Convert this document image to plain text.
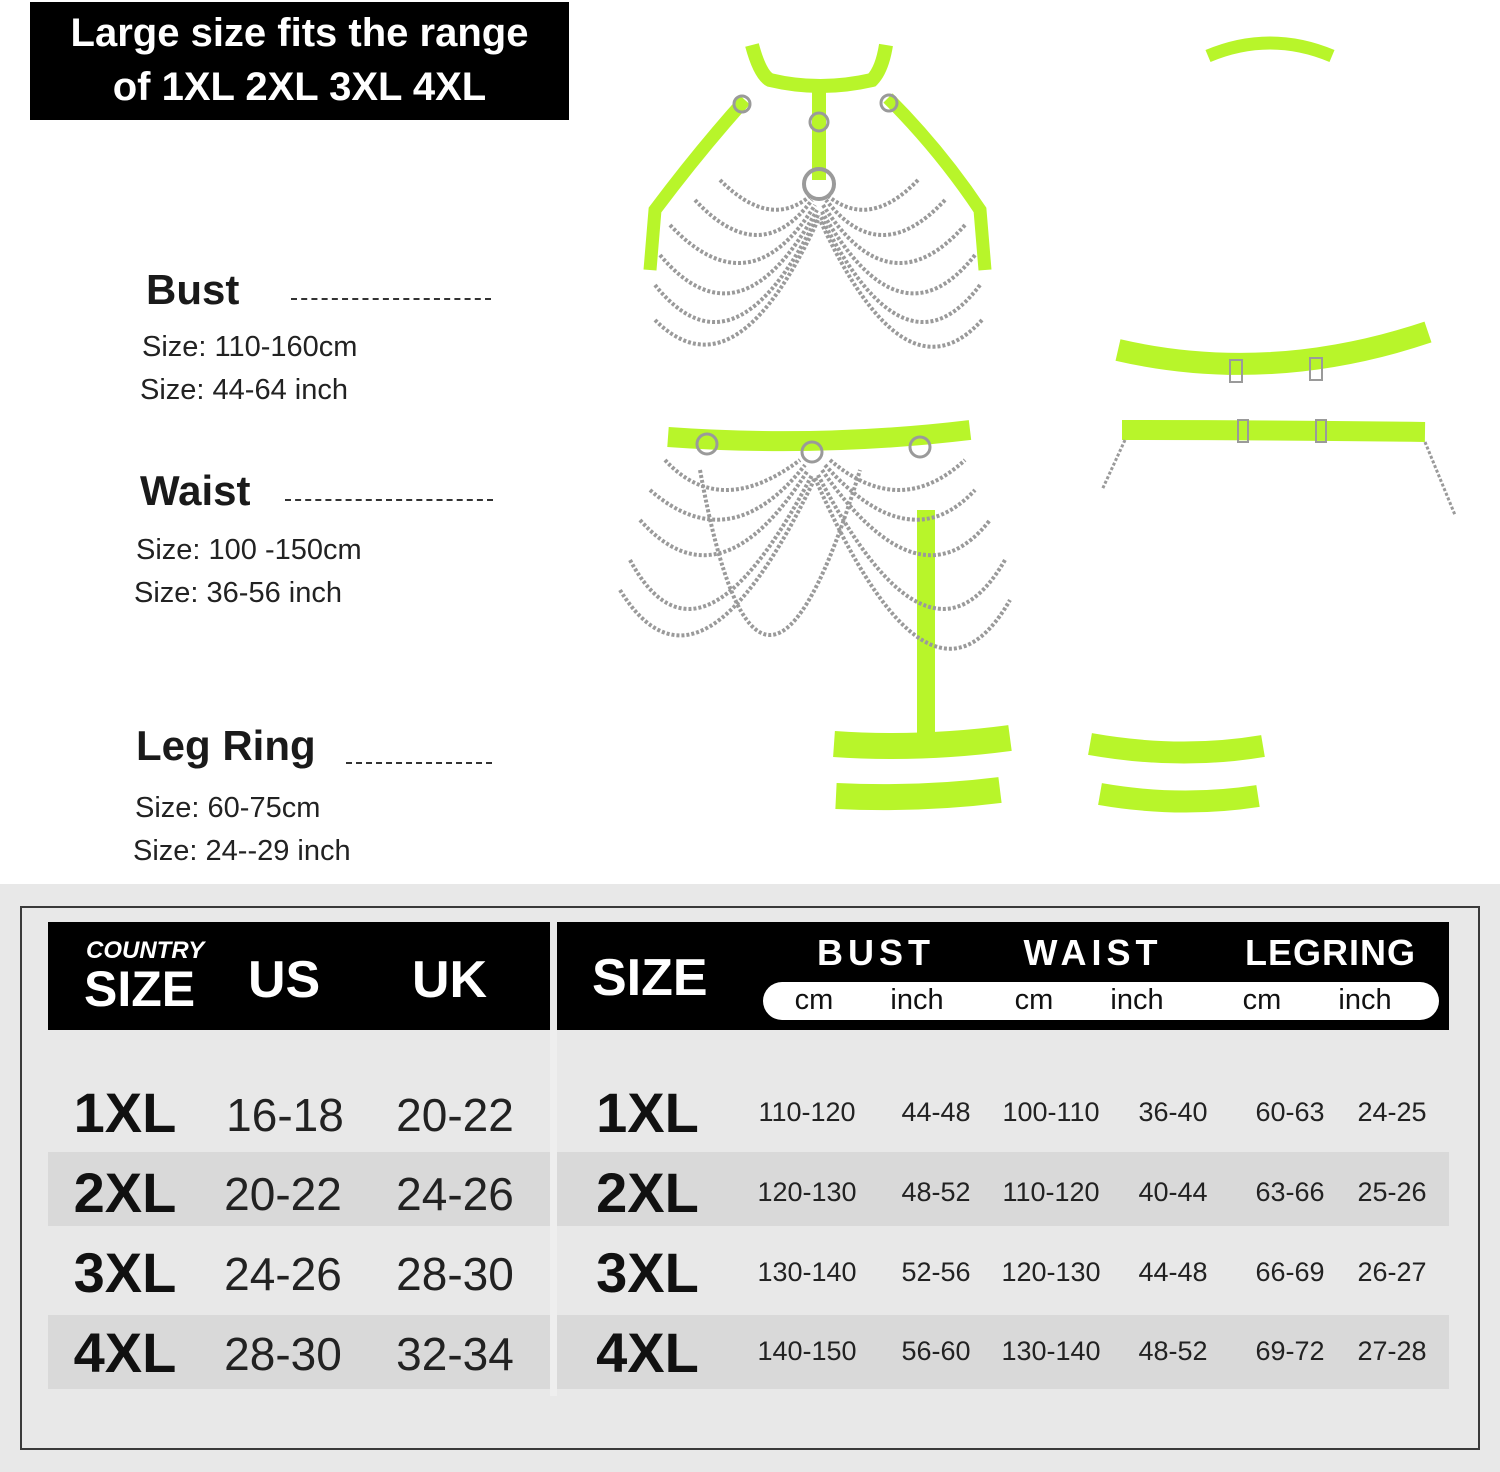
Large size fits the range
of 1XL 2XL 3XL 4XL
Bust
Size: 110-160cm
Size: 44-64 inch
Waist
Size: 100 -150cm
Size: 36-56 inch
Leg Ring
Size: 60-75cm
Size: 24--29 inch
COUNTRY
SIZE US UK SIZE	BUST WAIST LEGRING
cm	inch	cm	inch	cm	inch
1XL	16-18	20-22
2XL	20-22	24-26
3XL	24-26	28-30
4XL	28-30	32-34
1XL	110-120	44-48	100-110	36-40	60-63	24-25
2XL	120-130	48-52	110-120	40-44	63-66	25-26
3XL	130-140	52-56	120-130	44-48	66-69	26-27
4XL	140-150	56-60	130-140	48-52	69-72	27-28
